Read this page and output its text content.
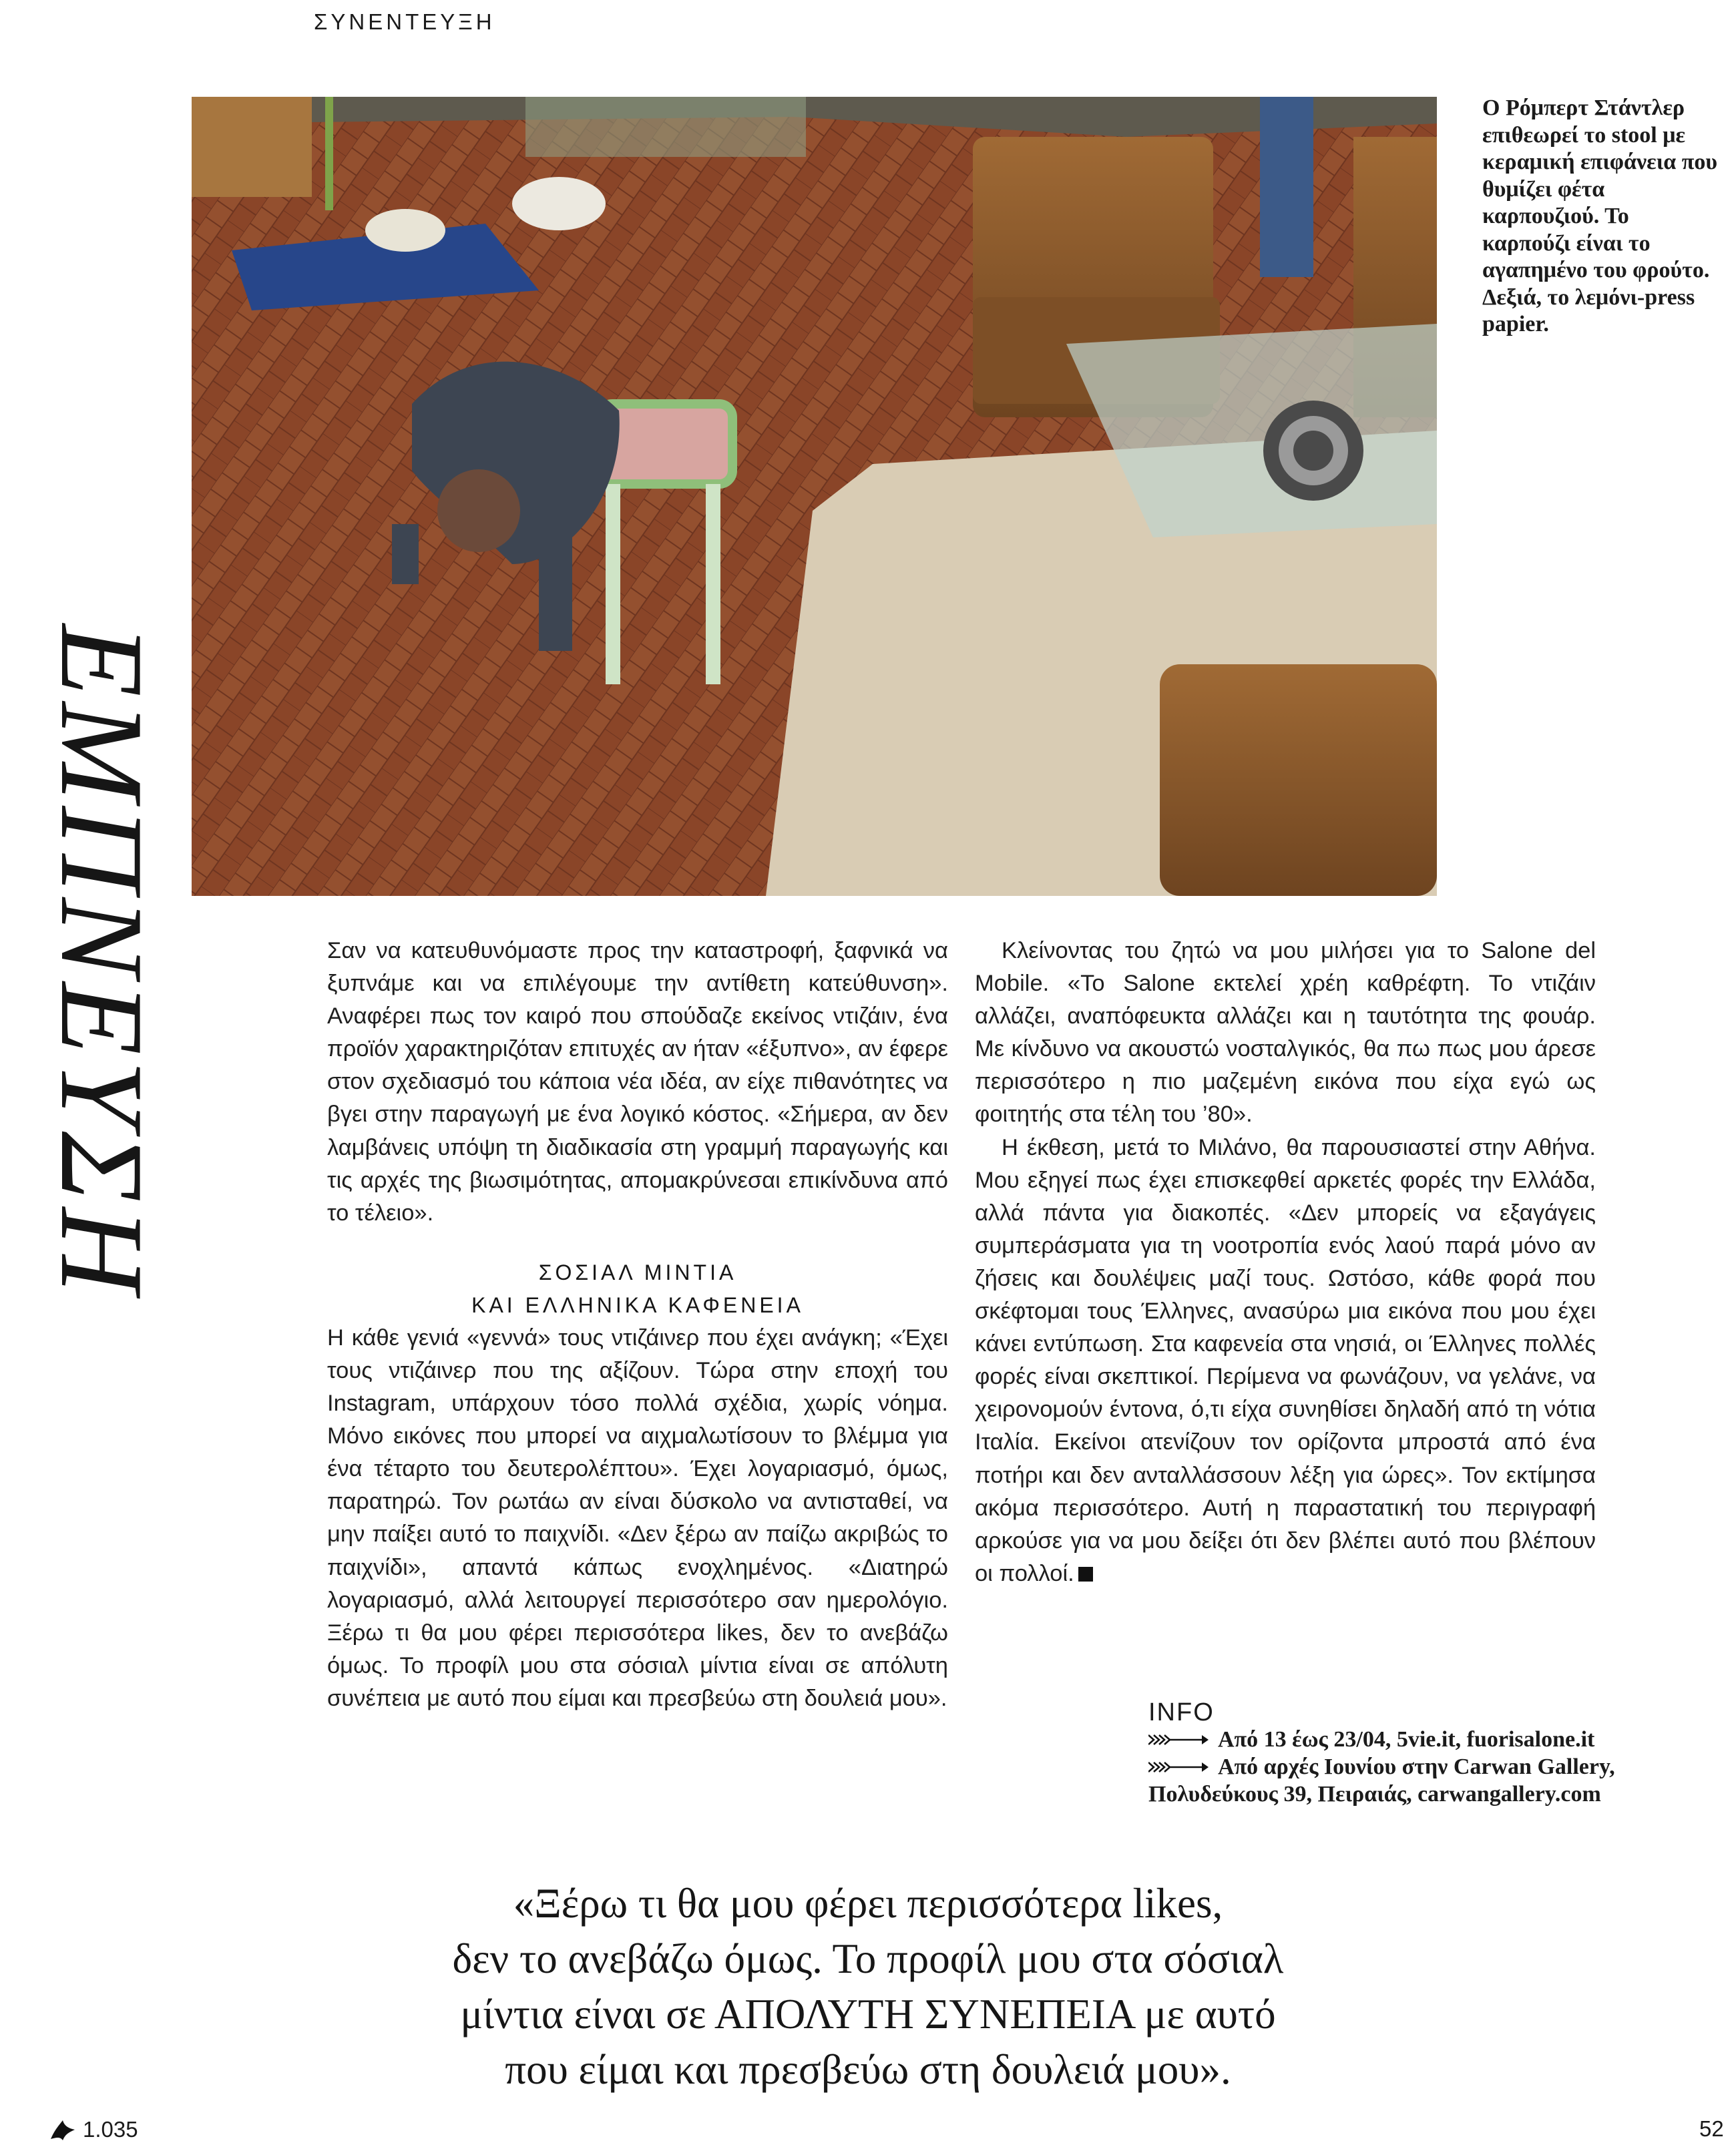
ΣΥΝΕΝΤΕΥΞΗ
ΕΜΠΝΕΥΣΗ
Ο Ρόμπερτ Στάντλερ επιθεωρεί το stool με κεραμική επιφάνεια που θυμίζει φέτα καρπουζιού. Το καρπούζι είναι το αγαπημένο του φρούτο. Δεξιά, το λεμόνι-press papier.

Σαν να κατευθυνόμαστε προς την καταστροφή, ξαφνικά να ξυπνάμε και να επιλέγουμε την αντίθετη κατεύθυνση». Αναφέρει πως τον καιρό που σπούδαζε εκείνος ντιζάιν, ένα προϊόν χαρακτηριζόταν επιτυχές αν ήταν «έξυπνο», αν έφερε στον σχεδιασμό του κάποια νέα ιδέα, αν είχε πιθανότητες να βγει στην παραγωγή με ένα λογικό κόστος. «Σήμερα, αν δεν λαμβάνεις υπόψη τη διαδικασία στη γραμμή παραγωγής και τις αρχές της βιωσιμότητας, απομακρύνεσαι επικίνδυνα από το τέλειο».

ΣΟΣΙΑΛ ΜΙΝΤΙΑ
ΚΑΙ ΕΛΛΗΝΙΚΑ ΚΑΦΕΝΕΙΑ

Η κάθε γενιά «γεννά» τους ντιζάινερ που έχει ανάγκη; «Έχει τους ντιζάινερ που της αξίζουν. Τώρα στην εποχή του Instagram, υπάρχουν τόσο πολλά σχέδια, χωρίς νόημα. Μόνο εικόνες που μπορεί να αιχμαλωτίσουν το βλέμμα για ένα τέταρτο του δευτερολέπτου». Έχει λογαριασμό, όμως, παρατηρώ. Τον ρωτάω αν είναι δύσκολο να αντισταθεί, να μην παίξει αυτό το παιχνίδι. «Δεν ξέρω αν παίζω ακριβώς το παιχνίδι», απαντά κάπως ενοχλημένος. «Διατηρώ λογαριασμό, αλλά λειτουργεί περισσότερο σαν ημερολόγιο. Ξέρω τι θα μου φέρει περισσότερα likes, δεν το ανεβάζω όμως. Το προφίλ μου στα σόσιαλ μίντια είναι σε απόλυτη συνέπεια με αυτό που είμαι και πρεσβεύω στη δουλειά μου».

Κλείνοντας του ζητώ να μου μιλήσει για το Salone del Mobile. «Το Salone εκτελεί χρέη καθρέφτη. Το ντιζάιν αλλάζει, αναπόφευκτα αλλάζει και η ταυτότητα της φουάρ. Με κίνδυνο να ακουστώ νοσταλγικός, θα πω πως μου άρεσε περισσότερο η πιο μαζεμένη εικόνα που είχα εγώ ως φοιτητής στα τέλη του ’80».

Η έκθεση, μετά το Μιλάνο, θα παρουσιαστεί στην Αθήνα. Μου εξηγεί πως έχει επισκεφθεί αρκετές φορές την Ελλάδα, αλλά πάντα για διακοπές. «Δεν μπορείς να εξαγάγεις συμπεράσματα για τη νοοτροπία ενός λαού παρά μόνο αν ζήσεις και δουλέψεις μαζί τους. Ωστόσο, κάθε φορά που σκέφτομαι τους Έλληνες, ανασύρω μια εικόνα που μου έχει κάνει εντύπωση. Στα καφενεία στα νησιά, οι Έλληνες πολλές φορές είναι σκεπτικοί. Περίμενα να φωνάζουν, να γελάνε, να χειρονομούν έντονα, ό,τι είχα συνηθίσει δηλαδή από τη νότια Ιταλία. Εκείνοι ατενίζουν τον ορίζοντα μπροστά από ένα ποτήρι και δεν ανταλλάσσουν λέξη για ώρες». Τον εκτίμησα ακόμα περισσότερο. Αυτή η παραστατική του περιγραφή αρκούσε για να μου δείξει ότι δεν βλέπει αυτό που βλέπουν οι πολλοί.

INFO
Από 13 έως 23/04, 5vie.it, fuorisalone.it
Από αρχές Ιουνίου στην Carwan Gallery,
Πολυδεύκους 39, Πειραιάς, carwangallery.com
«Ξέρω τι θα μου φέρει περισσότερα likes,
δεν το ανεβάζω όμως. Το προφίλ μου στα σόσιαλ
μίντια είναι σε ΑΠΟΛΥΤΗ ΣΥΝΕΠΕΙΑ με αυτό
που είμαι και πρεσβεύω στη δουλειά μου».
1.035	52
